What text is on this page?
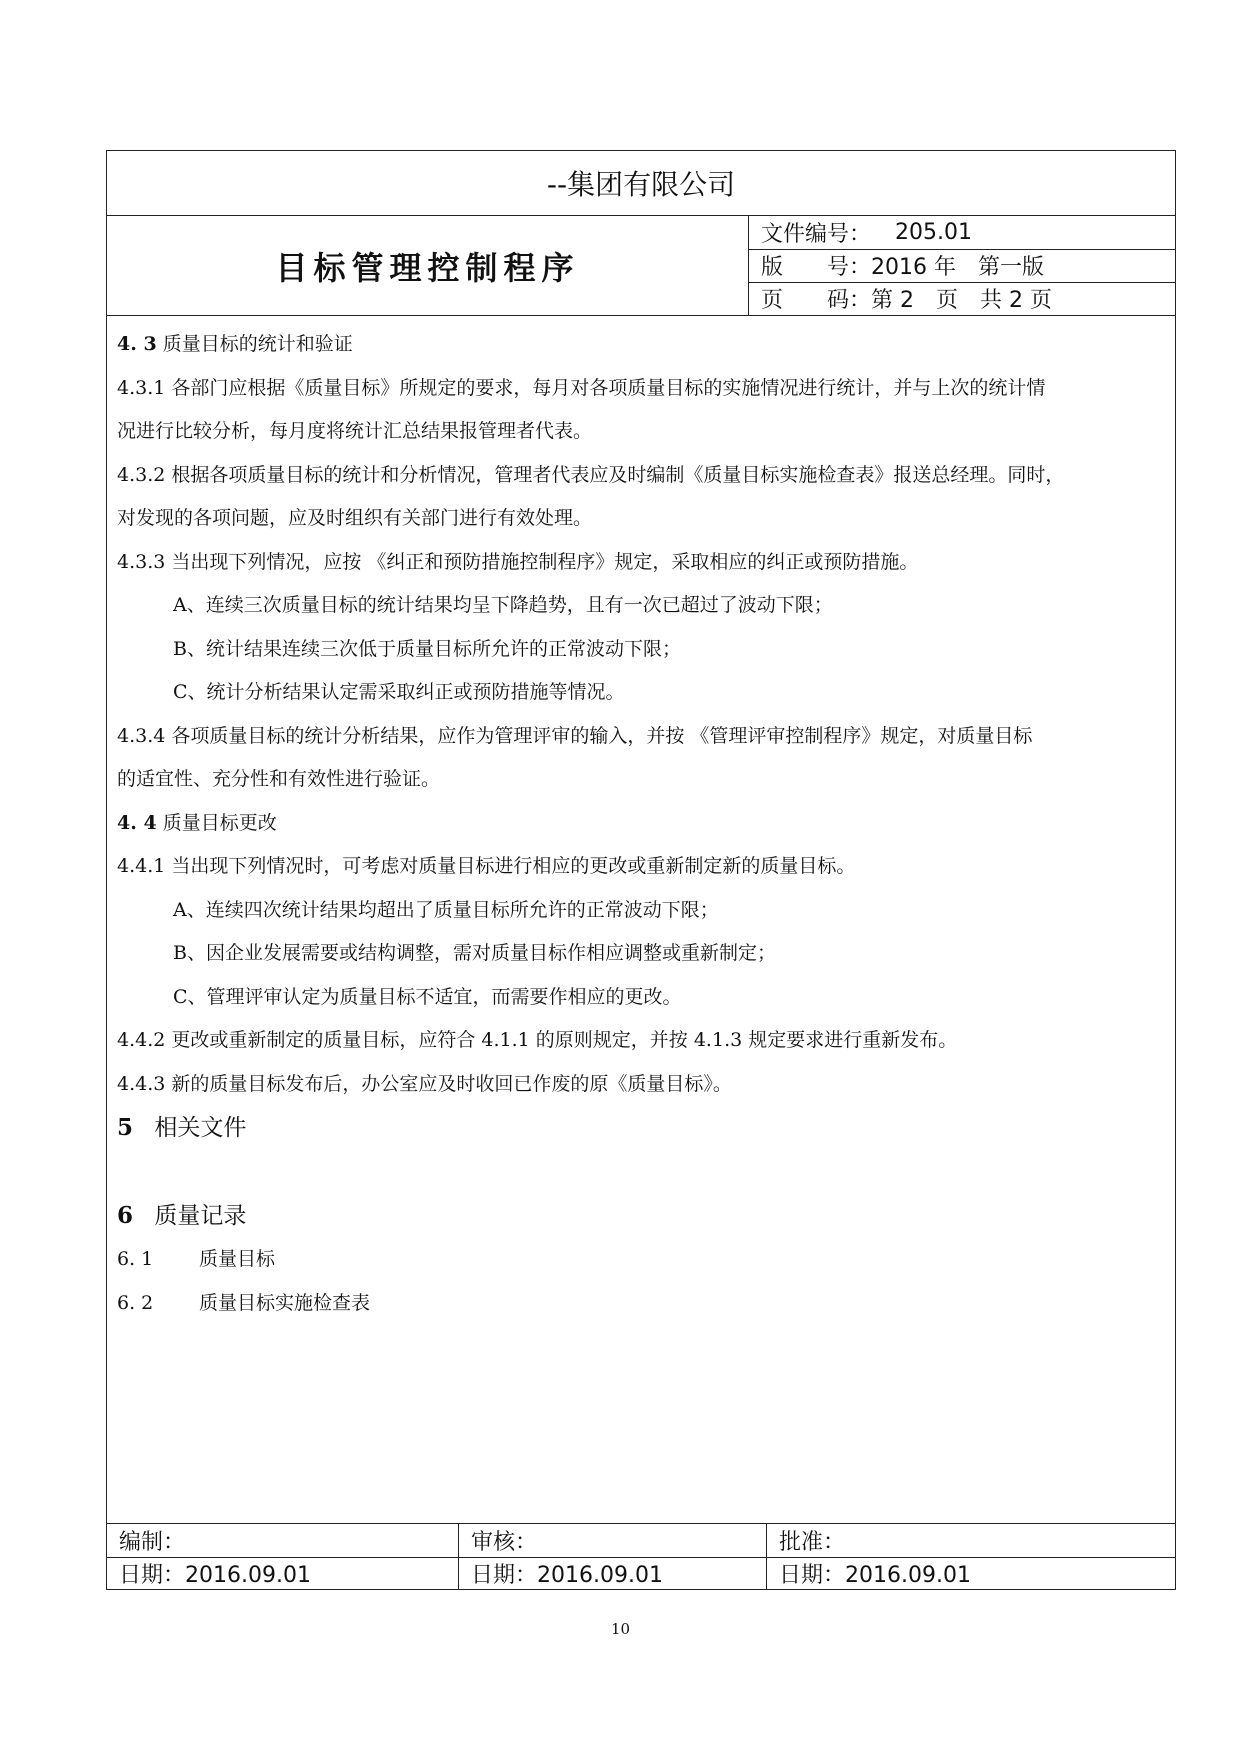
--集团有限公司
目标管理控制程序
文件编号： 205.01
版　　号： 2016 年　第一版
页　　码： 第 2　页　共 2 页

4. 3 质量目标的统计和验证

4.3.1 各部门应根据《质量目标》所规定的要求，每月对各项质量目标的实施情况进行统计，并与上次的统计情

况进行比较分析，每月度将统计汇总结果报管理者代表。

4.3.2 根据各项质量目标的统计和分析情况，管理者代表应及时编制《质量目标实施检查表》报送总经理。同时，

对发现的各项问题，应及时组织有关部门进行有效处理。

4.3.3 当出现下列情况，应按 《纠正和预防措施控制程序》规定，采取相应的纠正或预防措施。

A、连续三次质量目标的统计结果均呈下降趋势，且有一次已超过了波动下限；

B、统计结果连续三次低于质量目标所允许的正常波动下限；

C、统计分析结果认定需采取纠正或预防措施等情况。

4.3.4 各项质量目标的统计分析结果，应作为管理评审的输入，并按 《管理评审控制程序》规定，对质量目标

的适宜性、充分性和有效性进行验证。

4. 4 质量目标更改

4.4.1 当出现下列情况时，可考虑对质量目标进行相应的更改或重新制定新的质量目标。

A、连续四次统计结果均超出了质量目标所允许的正常波动下限；

B、因企业发展需要或结构调整，需对质量目标作相应调整或重新制定；

C、管理评审认定为质量目标不适宜，而需要作相应的更改。

4.4.2 更改或重新制定的质量目标，应符合 4.1.1 的原则规定，并按 4.1.3 规定要求进行重新发布。

4.4.3 新的质量目标发布后，办公室应及时收回已作废的原《质量目标》。

5 相关文件

6 质量记录

6. 1 质量目标

6. 2 质量目标实施检查表

编制：	审核：	批准：
日期：2016.09.01	日期：2016.09.01	日期：2016.09.01
10
